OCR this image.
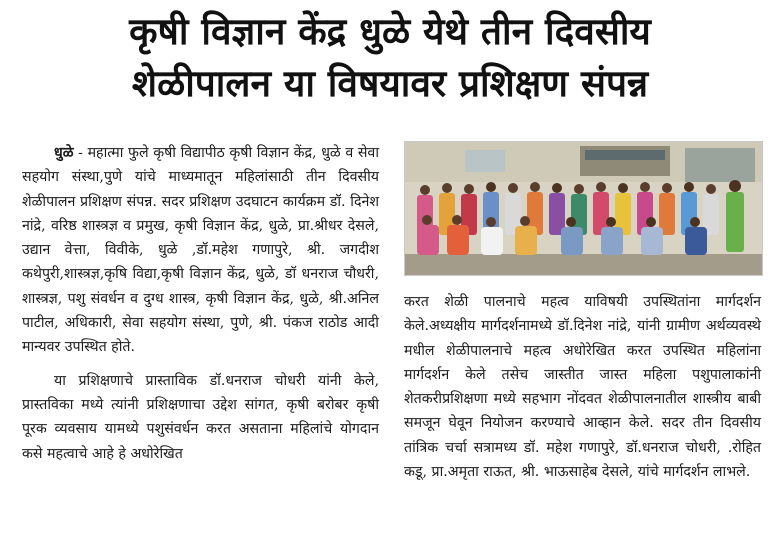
कृषी विज्ञान केंद्र धुळे येथे तीन दिवसीय
शेळीपालन या विषयावर प्रशिक्षण संपन्न

धुळे - महात्मा फुले कृषी विद्यापीठ कृषी विज्ञान केंद्र, धुळे व सेवा सहयोग संस्था,पुणे यांचे माध्यमातून महिलांसाठी तीन दिवसीय शेळीपालन प्रशिक्षण संपन्न. सदर प्रशिक्षण उदघाटन कार्यक्रम डॉ. दिनेश नांद्रे, वरिष्ठ शास्त्रज्ञ व प्रमुख, कृषी विज्ञान केंद्र, धुळे, प्रा.श्रीधर देसले, उद्यान वेत्ता, विवीके, धुळे ,डॉ.महेश गणापुरे, श्री. जगदीश कथेपुरी,शास्त्रज्ञ,कृषि विद्या,कृषी विज्ञान केंद्र, धुळे, डॉ धनराज चौधरी, शास्त्रज्ञ, पशु संवर्धन व दुग्ध शास्त्र, कृषी विज्ञान केंद्र, धुळे, श्री.अनिल पाटील, अधिकारी, सेवा सहयोग संस्था, पुणे, श्री. पंकज राठोड आदी मान्यवर उपस्थित होते.

या प्रशिक्षणाचे प्रास्ताविक डॉ.धनराज चोधरी यांनी केले, प्रास्तविका मध्ये त्यांनी प्रशिक्षणाचा उद्देश सांगत, कृषी बरोबर कृषी पूरक व्यवसाय यामध्ये पशुसंवर्धन करत असताना महिलांचे योगदान कसे महत्वाचे आहे हे अधोरेखित

करत शेळी पालनाचे महत्व याविषयी उपस्थितांना मार्गदर्शन केले.अध्यक्षीय मार्गदर्शनामध्ये डॉ.दिनेश नांद्रे, यांनी ग्रामीण अर्थव्यवस्थे मधील शेळीपालनाचे महत्व अधोरेखित करत उपस्थित महिलांना मार्गदर्शन केले तसेच जास्तीत जास्त महिला पशुपालाकांनी शेतकरीप्रशिक्षणा मध्ये सहभाग नोंदवत शेळीपालनातील शास्त्रीय बाबी समजून घेवून नियोजन करण्याचे आव्हान केले. सदर तीन दिवसीय तांत्रिक चर्चा सत्रामध्य डॉ. महेश गणापुरे, डॉ.धनराज चोधरी, .रोहित कडू, प्रा.अमृता राऊत, श्री. भाऊसाहेब देसले, यांचे मार्गदर्शन लाभले.
